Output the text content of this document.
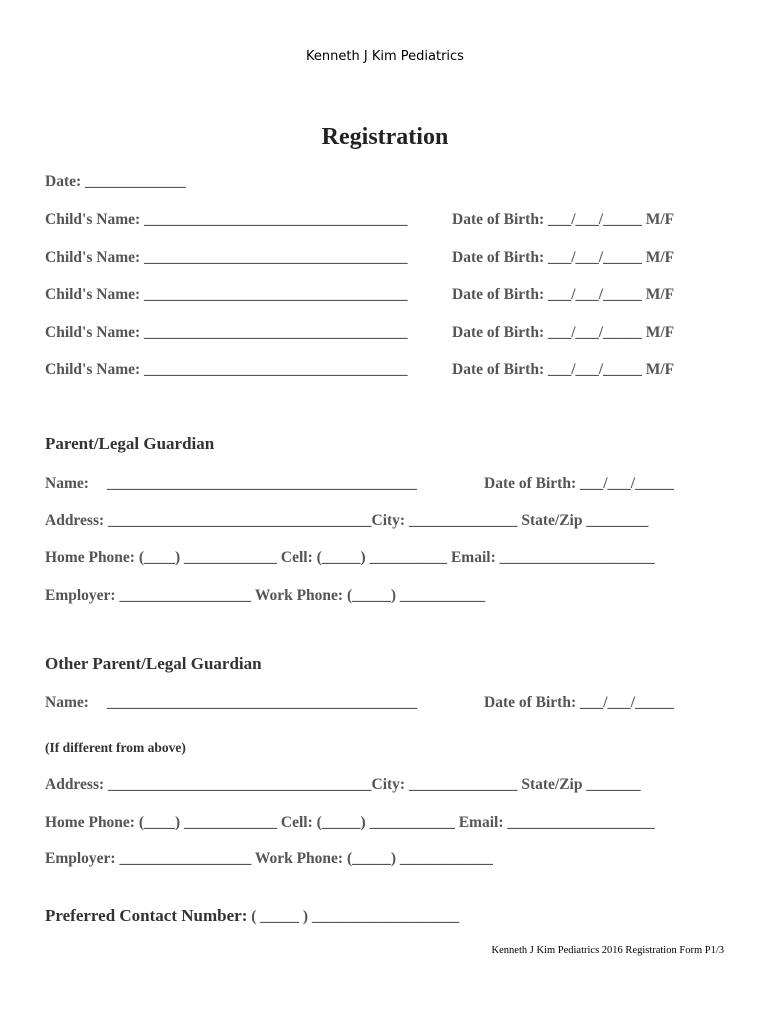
Kenneth J Kim Pediatrics
Registration
Date: _____________
Child's Name: __________________________________	Date of Birth: ___/___/_____ M/F
Child's Name: __________________________________	Date of Birth: ___/___/_____ M/F
Child's Name: __________________________________	Date of Birth: ___/___/_____ M/F
Child's Name: __________________________________	Date of Birth: ___/___/_____ M/F
Child's Name: __________________________________	Date of Birth: ___/___/_____ M/F
Parent/Legal Guardian
Name: ________________________________________	Date of Birth: ___/___/_____
Address: __________________________________City: ______________ State/Zip ________
Home Phone: (____) ____________ Cell: (_____) __________ Email: ____________________
Employer: _________________ Work Phone: (_____) ___________
Other Parent/Legal Guardian
Name: ________________________________________	Date of Birth: ___/___/_____
(If different from above)
Address: __________________________________City: ______________ State/Zip _______
Home Phone: (____) ____________ Cell: (_____) ___________ Email: ___________________
Employer: _________________ Work Phone: (_____) ____________
Preferred Contact Number: ( _____ ) ___________________
Kenneth J Kim Pediatrics 2016 Registration Form P1/3
